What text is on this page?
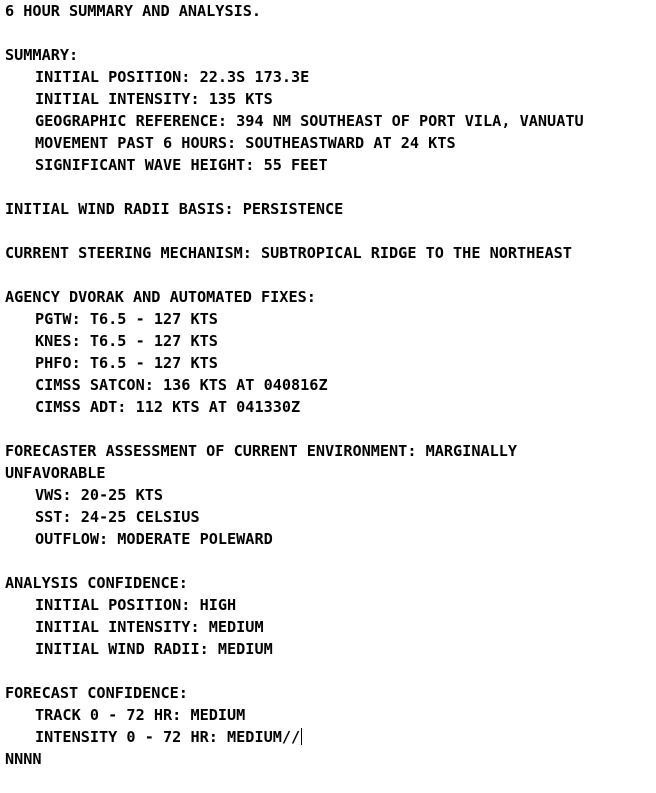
6 HOUR SUMMARY AND ANALYSIS.
SUMMARY:
INITIAL POSITION: 22.3S 173.3E
INITIAL INTENSITY: 135 KTS
GEOGRAPHIC REFERENCE: 394 NM SOUTHEAST OF PORT VILA, VANUATU
MOVEMENT PAST 6 HOURS: SOUTHEASTWARD AT 24 KTS
SIGNIFICANT WAVE HEIGHT: 55 FEET
INITIAL WIND RADII BASIS: PERSISTENCE
CURRENT STEERING MECHANISM: SUBTROPICAL RIDGE TO THE NORTHEAST
AGENCY DVORAK AND AUTOMATED FIXES:
PGTW: T6.5 - 127 KTS
KNES: T6.5 - 127 KTS
PHFO: T6.5 - 127 KTS
CIMSS SATCON: 136 KTS AT 040816Z
CIMSS ADT: 112 KTS AT 041330Z
FORECASTER ASSESSMENT OF CURRENT ENVIRONMENT: MARGINALLY
UNFAVORABLE
VWS: 20-25 KTS
SST: 24-25 CELSIUS
OUTFLOW: MODERATE POLEWARD
ANALYSIS CONFIDENCE:
INITIAL POSITION: HIGH
INITIAL INTENSITY: MEDIUM
INITIAL WIND RADII: MEDIUM
FORECAST CONFIDENCE:
TRACK 0 - 72 HR: MEDIUM
INTENSITY 0 - 72 HR: MEDIUM//
NNNN
